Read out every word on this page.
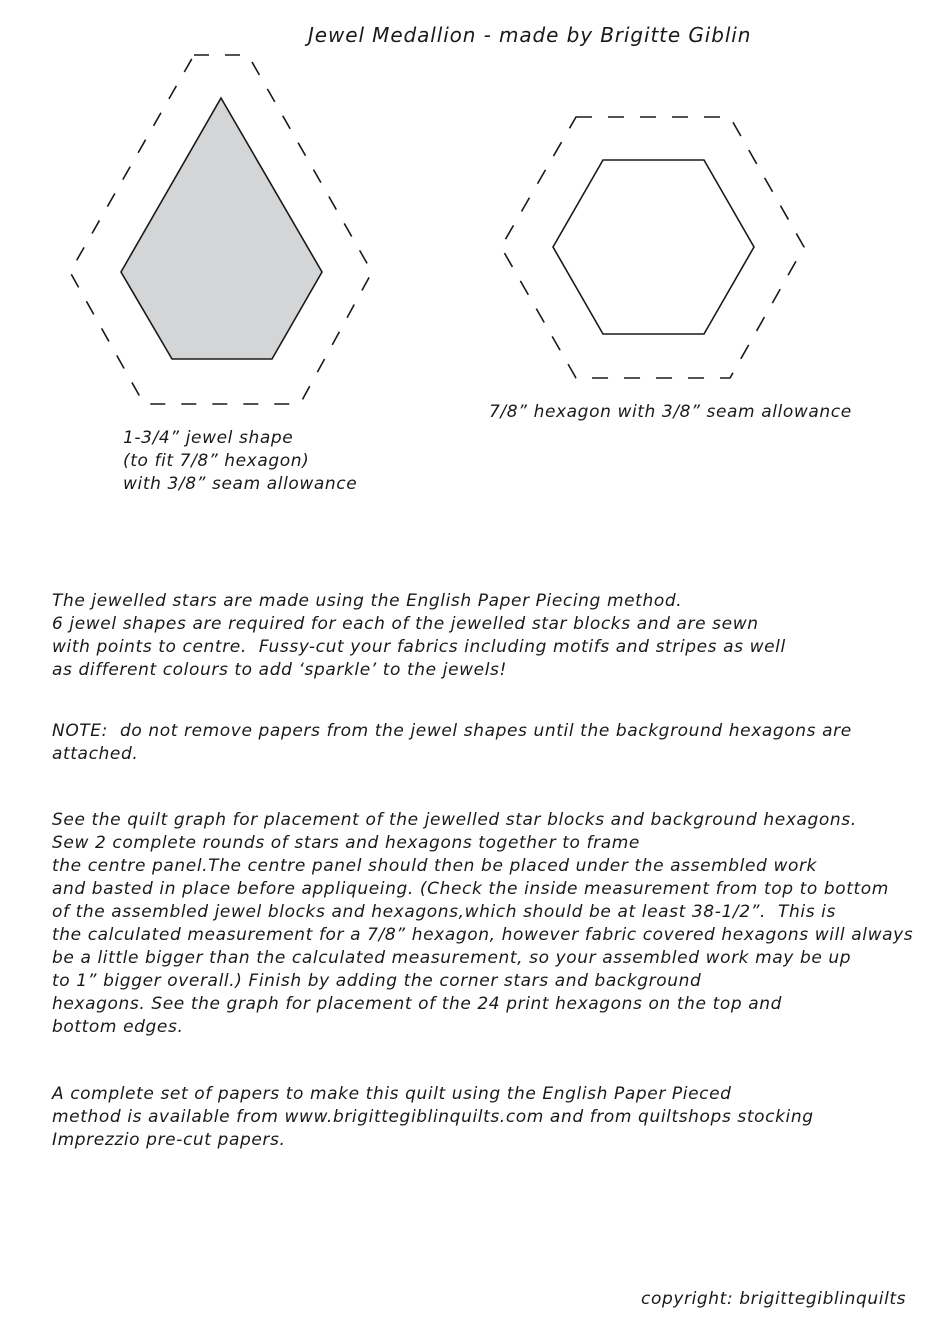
Jewel Medallion - made by Brigitte Giblin
1-3/4” jewel shape
(to fit 7/8” hexagon)
with 3/8” seam allowance
7/8” hexagon with 3/8” seam allowance
The jewelled stars are made using the English Paper Piecing method.
6 jewel shapes are required for each of the jewelled star blocks and are sewn
with points to centre.  Fussy-cut your fabrics including motifs and stripes as well
as different colours to add ‘sparkle’ to the jewels!
NOTE:  do not remove papers from the jewel shapes until the background hexagons are
attached.
See the quilt graph for placement of the jewelled star blocks and background hexagons.
Sew 2 complete rounds of stars and hexagons together to frame
the centre panel.The centre panel should then be placed under the assembled work
and basted in place before appliqueing. (Check the inside measurement from top to bottom
of the assembled jewel blocks and hexagons,which should be at least 38-1/2”.  This is
the calculated measurement for a 7/8” hexagon, however fabric covered hexagons will always
be a little bigger than the calculated measurement, so your assembled work may be up
to 1” bigger overall.) Finish by adding the corner stars and background
hexagons. See the graph for placement of the 24 print hexagons on the top and
bottom edges.
A complete set of papers to make this quilt using the English Paper Pieced
method is available from www.brigittegiblinquilts.com and from quiltshops stocking
Imprezzio pre-cut papers.
copyright: brigittegiblinquilts
